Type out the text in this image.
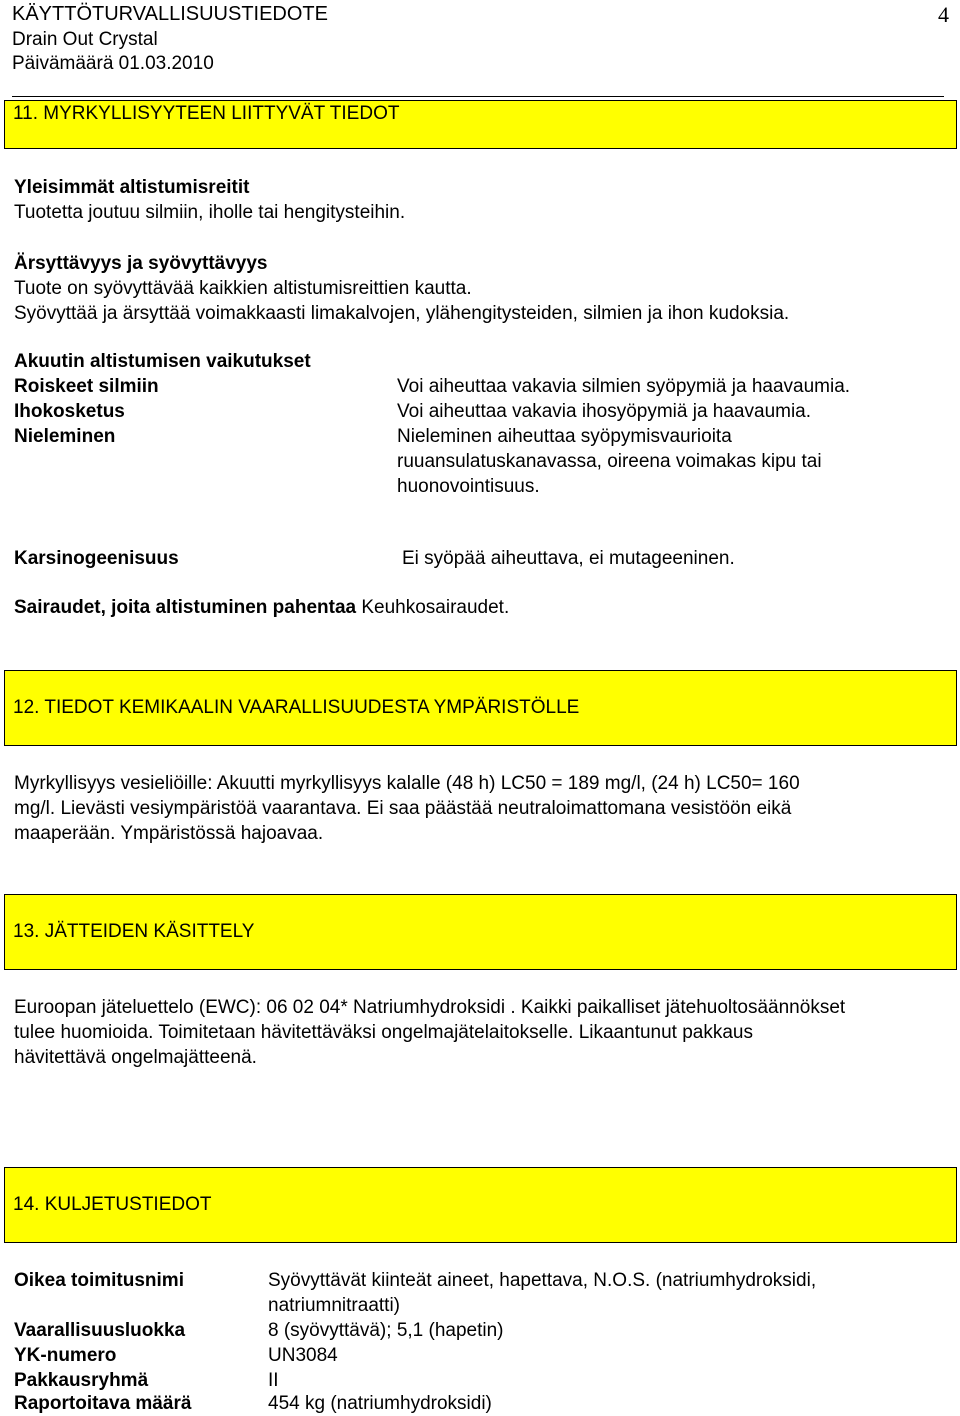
KÄYTTÖTURVALLISUUSTIEDOTE	4
Drain Out Crystal
Päivämäärä 01.03.2010
11. MYRKYLLISYYTEEN LIITTYVÄT TIEDOT
Yleisimmät altistumisreitit
Tuotetta joutuu silmiin, iholle tai hengitysteihin.
Ärsyttävyys ja syövyttävyys
Tuote on syövyttävää kaikkien altistumisreittien kautta.
Syövyttää ja ärsyttää voimakkaasti limakalvojen, ylähengitysteiden, silmien ja ihon kudoksia.
Akuutin altistumisen vaikutukset
Roiskeet silmiin	Voi aiheuttaa vakavia silmien syöpymiä ja haavaumia.
Ihokosketus	Voi aiheuttaa vakavia ihosyöpymiä ja haavaumia.
Nieleminen	Nieleminen aiheuttaa syöpymisvaurioita
ruuansulatuskanavassa, oireena voimakas kipu tai
huonovointisuus.
Karsinogeenisuus	Ei syöpää aiheuttava, ei mutageeninen.
Sairaudet, joita altistuminen pahentaa Keuhkosairaudet.
12. TIEDOT KEMIKAALIN VAARALLISUUDESTA YMPÄRISTÖLLE
Myrkyllisyys vesieliöille: Akuutti myrkyllisyys kalalle (48 h) LC50 = 189 mg/l, (24 h) LC50= 160
mg/l. Lievästi vesiympäristöä vaarantava. Ei saa päästää neutraloimattomana vesistöön eikä
maaperään. Ympäristössä hajoavaa.
13. JÄTTEIDEN KÄSITTELY
Euroopan jäteluettelo (EWC): 06 02 04* Natriumhydroksidi . Kaikki paikalliset jätehuoltosäännökset
tulee huomioida. Toimitetaan hävitettäväksi ongelmajätelaitokselle. Likaantunut pakkaus
hävitettävä ongelmajätteenä.
14. KULJETUSTIEDOT
Oikea toimitusnimi	Syövyttävät kiinteät aineet, hapettava, N.O.S. (natriumhydroksidi,
natriumnitraatti)
Vaarallisuusluokka	8 (syövyttävä); 5,1 (hapetin)
YK-numero	UN3084
Pakkausryhmä	II
Raportoitava määrä	454 kg (natriumhydroksidi)
